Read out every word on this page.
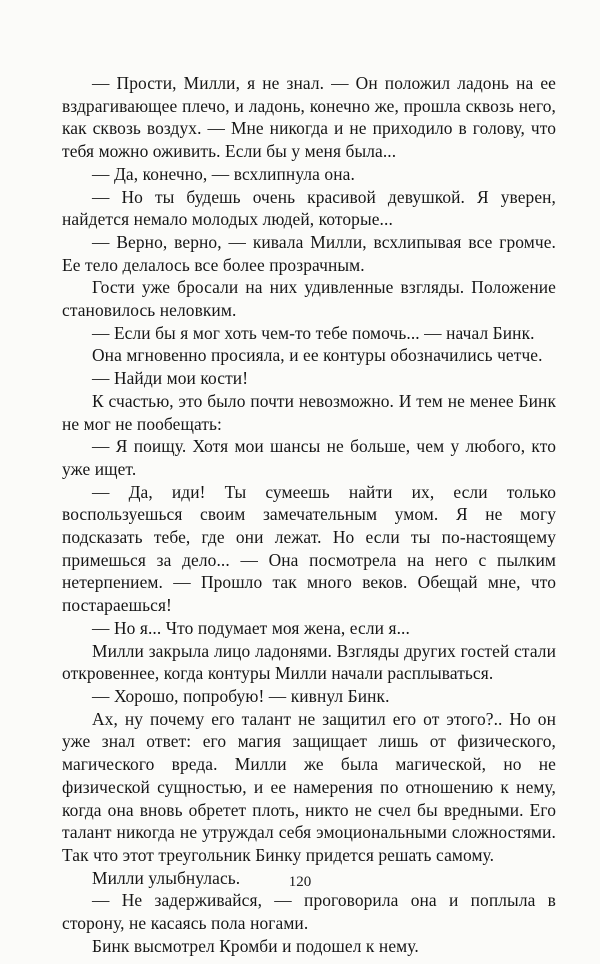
— Прости, Милли, я не знал. — Он положил ладонь на ее вздрагивающее плечо, и ладонь, конечно же, прошла сквозь него, как сквозь воздух. — Мне никогда и не приходило в голову, что тебя можно оживить. Если бы у меня была...

— Да, конечно, — всхлипнула она.

— Но ты будешь очень красивой девушкой. Я уверен, найдется немало молодых людей, которые...

— Верно, верно, — кивала Милли, всхлипывая все громче. Ее тело делалось все более прозрачным.

Гости уже бросали на них удивленные взгляды. Положение становилось неловким.

— Если бы я мог хоть чем-то тебе помочь... — начал Бинк.

Она мгновенно просияла, и ее контуры обозначились четче.

— Найди мои кости!

К счастью, это было почти невозможно. И тем не менее Бинк не мог не пообещать:

— Я поищу. Хотя мои шансы не больше, чем у любого, кто уже ищет.

— Да, иди! Ты сумеешь найти их, если только воспользуешься своим замечательным умом. Я не могу подсказать тебе, где они лежат. Но если ты по-настоящему примешься за дело... — Она посмотрела на него с пылким нетерпением. — Прошло так много веков. Обещай мне, что постараешься!

— Но я... Что подумает моя жена, если я...

Милли закрыла лицо ладонями. Взгляды других гостей стали откровеннее, когда контуры Милли начали расплываться.

— Хорошо, попробую! — кивнул Бинк.

Ах, ну почему его талант не защитил его от этого?.. Но он уже знал ответ: его магия защищает лишь от физического, магического вреда. Милли же была магической, но не физической сущностью, и ее намерения по отношению к нему, когда она вновь обретет плоть, никто не счел бы вредными. Его талант никогда не утруждал себя эмоциональными сложностями. Так что этот треугольник Бинку придется решать самому.

Милли улыбнулась.

— Не задерживайся, — проговорила она и поплыла в сторону, не касаясь пола ногами.

Бинк высмотрел Кромби и подошел к нему.

120
